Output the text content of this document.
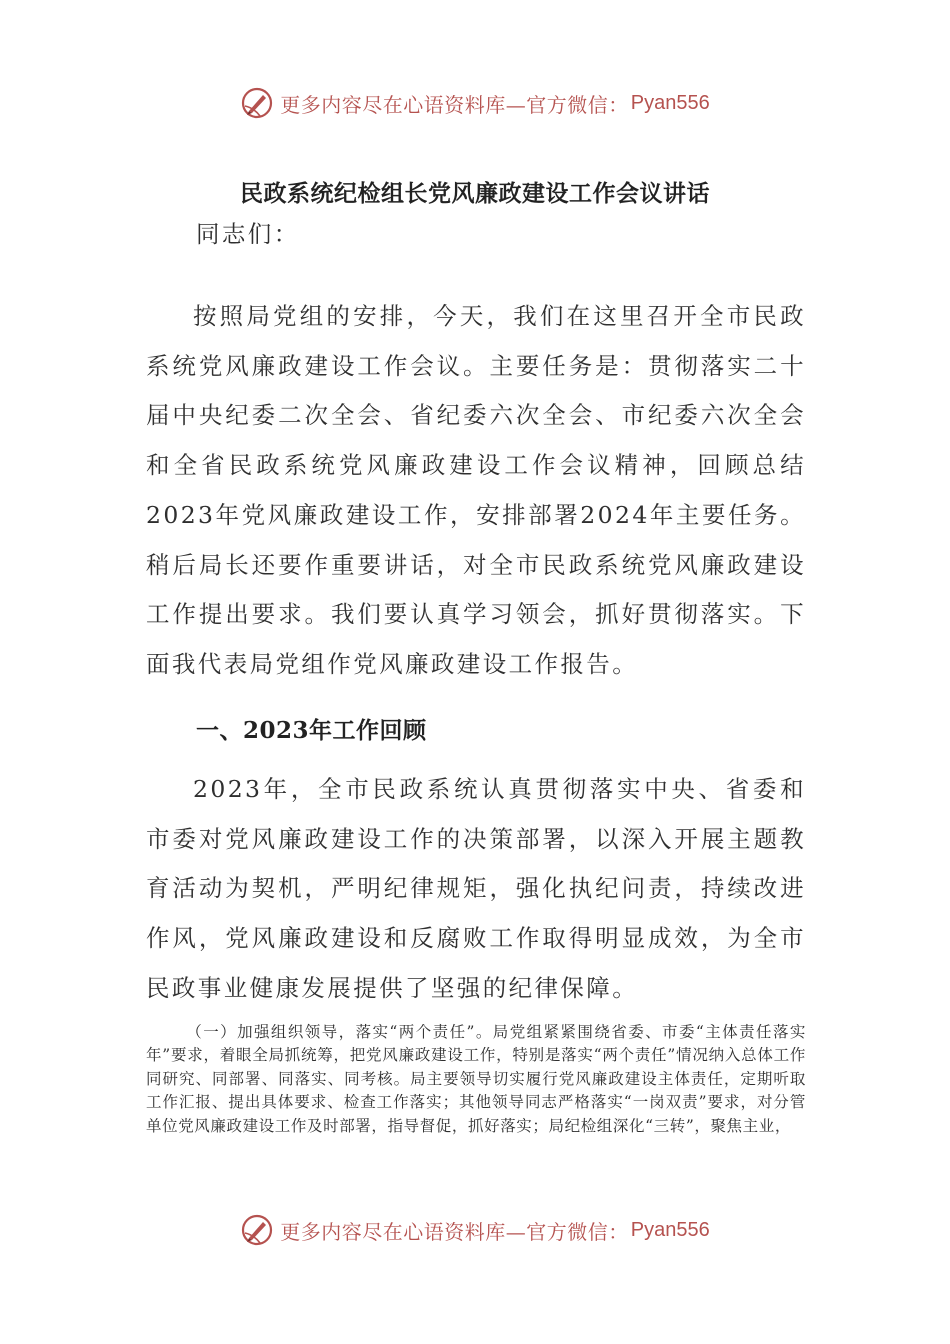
更多内容尽在心语资料库—官方微信： Pyan556
民政系统纪检组长党风廉政建设工作会议讲话

同志们：

按照局党组的安排，今天，我们在这里召开全市民政系统党风廉政建设工作会议。主要任务是：贯彻落实二十届中央纪委二次全会、省纪委六次全会、市纪委六次全会和全省民政系统党风廉政建设工作会议精神，回顾总结2023年党风廉政建设工作，安排部署2024年主要任务。稍后局长还要作重要讲话，对全市民政系统党风廉政建设工作提出要求。我们要认真学习领会，抓好贯彻落实。下面我代表局党组作党风廉政建设工作报告。

一、2023年工作回顾

2023年，全市民政系统认真贯彻落实中央、省委和市委对党风廉政建设工作的决策部署，以深入开展主题教育活动为契机，严明纪律规矩，强化执纪问责，持续改进作风，党风廉政建设和反腐败工作取得明显成效，为全市民政事业健康发展提供了坚强的纪律保障。

（一）加强组织领导，落实“两个责任”。局党组紧紧围绕省委、市委“主体责任落实年”要求，着眼全局抓统筹，把党风廉政建设工作，特别是落实“两个责任”情况纳入总体工作同研究、同部署、同落实、同考核。局主要领导切实履行党风廉政建设主体责任，定期听取工作汇报、提出具体要求、检查工作落实；其他领导同志严格落实“一岗双责”要求，对分管单位党风廉政建设工作及时部署，指导督促，抓好落实；局纪检组深化“三转”，聚焦主业，

更多内容尽在心语资料库—官方微信： Pyan556
